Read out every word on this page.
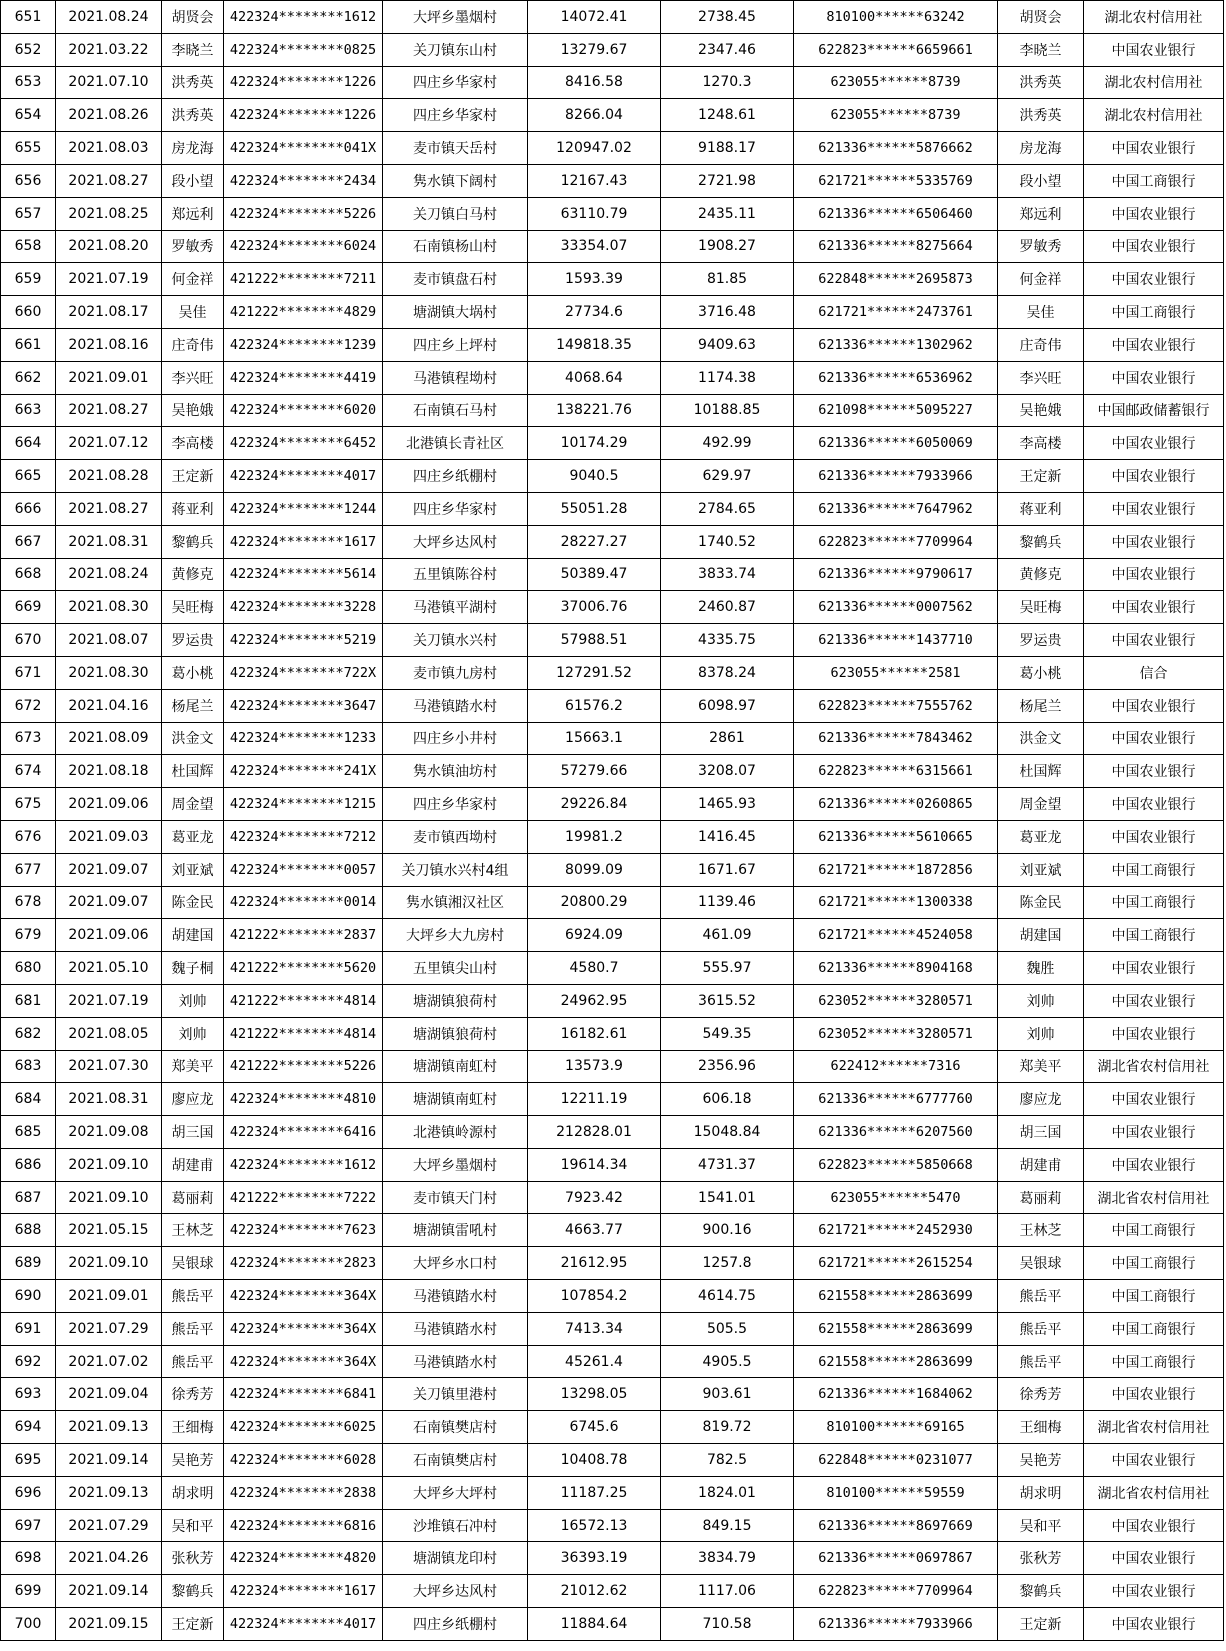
651	2021.08.24	胡贤会	422324********1612	大坪乡墨烟村	14072.41	2738.45	810100******63242	胡贤会	湖北农村信用社
652	2021.03.22	李晓兰	422324********0825	关刀镇东山村	13279.67	2347.46	622823******6659661	李晓兰	中国农业银行
653	2021.07.10	洪秀英	422324********1226	四庄乡华家村	8416.58	1270.3	623055******8739	洪秀英	湖北农村信用社
654	2021.08.26	洪秀英	422324********1226	四庄乡华家村	8266.04	1248.61	623055******8739	洪秀英	湖北农村信用社
655	2021.08.03	房龙海	422324********041X	麦市镇天岳村	120947.02	9188.17	621336******5876662	房龙海	中国农业银行
656	2021.08.27	段小望	422324********2434	隽水镇下阔村	12167.43	2721.98	621721******5335769	段小望	中国工商银行
657	2021.08.25	郑远利	422324********5226	关刀镇白马村	63110.79	2435.11	621336******6506460	郑远利	中国农业银行
658	2021.08.20	罗敏秀	422324********6024	石南镇杨山村	33354.07	1908.27	621336******8275664	罗敏秀	中国农业银行
659	2021.07.19	何金祥	421222********7211	麦市镇盘石村	1593.39	81.85	622848******2695873	何金祥	中国农业银行
660	2021.08.17	吴佳	421222********4829	塘湖镇大埚村	27734.6	3716.48	621721******2473761	吴佳	中国工商银行
661	2021.08.16	庄奇伟	422324********1239	四庄乡上坪村	149818.35	9409.63	621336******1302962	庄奇伟	中国农业银行
662	2021.09.01	李兴旺	422324********4419	马港镇程坳村	4068.64	1174.38	621336******6536962	李兴旺	中国农业银行
663	2021.08.27	吴艳娥	422324********6020	石南镇石马村	138221.76	10188.85	621098******5095227	吴艳娥	中国邮政储蓄银行
664	2021.07.12	李高楼	422324********6452	北港镇长青社区	10174.29	492.99	621336******6050069	李高楼	中国农业银行
665	2021.08.28	王定新	422324********4017	四庄乡纸棚村	9040.5	629.97	621336******7933966	王定新	中国农业银行
666	2021.08.27	蒋亚利	422324********1244	四庄乡华家村	55051.28	2784.65	621336******7647962	蒋亚利	中国农业银行
667	2021.08.31	黎鹤兵	422324********1617	大坪乡达风村	28227.27	1740.52	622823******7709964	黎鹤兵	中国农业银行
668	2021.08.24	黄修克	422324********5614	五里镇陈谷村	50389.47	3833.74	621336******9790617	黄修克	中国农业银行
669	2021.08.30	吴旺梅	422324********3228	马港镇平湖村	37006.76	2460.87	621336******0007562	吴旺梅	中国农业银行
670	2021.08.07	罗运贵	422324********5219	关刀镇水兴村	57988.51	4335.75	621336******1437710	罗运贵	中国农业银行
671	2021.08.30	葛小桃	422324********722X	麦市镇九房村	127291.52	8378.24	623055******2581	葛小桃	信合
672	2021.04.16	杨尾兰	422324********3647	马港镇踏水村	61576.2	6098.97	622823******7555762	杨尾兰	中国农业银行
673	2021.08.09	洪金文	422324********1233	四庄乡小井村	15663.1	2861	621336******7843462	洪金文	中国农业银行
674	2021.08.18	杜国辉	422324********241X	隽水镇油坊村	57279.66	3208.07	622823******6315661	杜国辉	中国农业银行
675	2021.09.06	周金望	422324********1215	四庄乡华家村	29226.84	1465.93	621336******0260865	周金望	中国农业银行
676	2021.09.03	葛亚龙	422324********7212	麦市镇西坳村	19981.2	1416.45	621336******5610665	葛亚龙	中国农业银行
677	2021.09.07	刘亚斌	422324********0057	关刀镇水兴村4组	8099.09	1671.67	621721******1872856	刘亚斌	中国工商银行
678	2021.09.07	陈金民	422324********0014	隽水镇湘汉社区	20800.29	1139.46	621721******1300338	陈金民	中国工商银行
679	2021.09.06	胡建国	421222********2837	大坪乡大九房村	6924.09	461.09	621721******4524058	胡建国	中国工商银行
680	2021.05.10	魏子桐	421222********5620	五里镇尖山村	4580.7	555.97	621336******8904168	魏胜	中国农业银行
681	2021.07.19	刘帅	421222********4814	塘湖镇狼荷村	24962.95	3615.52	623052******3280571	刘帅	中国农业银行
682	2021.08.05	刘帅	421222********4814	塘湖镇狼荷村	16182.61	549.35	623052******3280571	刘帅	中国农业银行
683	2021.07.30	郑美平	421222********5226	塘湖镇南虹村	13573.9	2356.96	622412******7316	郑美平	湖北省农村信用社
684	2021.08.31	廖应龙	422324********4810	塘湖镇南虹村	12211.19	606.18	621336******6777760	廖应龙	中国农业银行
685	2021.09.08	胡三国	422324********6416	北港镇岭源村	212828.01	15048.84	621336******6207560	胡三国	中国农业银行
686	2021.09.10	胡建甫	422324********1612	大坪乡墨烟村	19614.34	4731.37	622823******5850668	胡建甫	中国农业银行
687	2021.09.10	葛丽莉	421222********7222	麦市镇天门村	7923.42	1541.01	623055******5470	葛丽莉	湖北省农村信用社
688	2021.05.15	王林芝	422324********7623	塘湖镇雷吼村	4663.77	900.16	621721******2452930	王林芝	中国工商银行
689	2021.09.10	吴银球	422324********2823	大坪乡水口村	21612.95	1257.8	621721******2615254	吴银球	中国工商银行
690	2021.09.01	熊岳平	422324********364X	马港镇踏水村	107854.2	4614.75	621558******2863699	熊岳平	中国工商银行
691	2021.07.29	熊岳平	422324********364X	马港镇踏水村	7413.34	505.5	621558******2863699	熊岳平	中国工商银行
692	2021.07.02	熊岳平	422324********364X	马港镇踏水村	45261.4	4905.5	621558******2863699	熊岳平	中国工商银行
693	2021.09.04	徐秀芳	422324********6841	关刀镇里港村	13298.05	903.61	621336******1684062	徐秀芳	中国农业银行
694	2021.09.13	王细梅	422324********6025	石南镇樊店村	6745.6	819.72	810100******69165	王细梅	湖北省农村信用社
695	2021.09.14	吴艳芳	422324********6028	石南镇樊店村	10408.78	782.5	622848******0231077	吴艳芳	中国农业银行
696	2021.09.13	胡求明	422324********2838	大坪乡大坪村	11187.25	1824.01	810100******59559	胡求明	湖北省农村信用社
697	2021.07.29	吴和平	422324********6816	沙堆镇石冲村	16572.13	849.15	621336******8697669	吴和平	中国农业银行
698	2021.04.26	张秋芳	422324********4820	塘湖镇龙印村	36393.19	3834.79	621336******0697867	张秋芳	中国农业银行
699	2021.09.14	黎鹤兵	422324********1617	大坪乡达风村	21012.62	1117.06	622823******7709964	黎鹤兵	中国农业银行
700	2021.09.15	王定新	422324********4017	四庄乡纸棚村	11884.64	710.58	621336******7933966	王定新	中国农业银行
